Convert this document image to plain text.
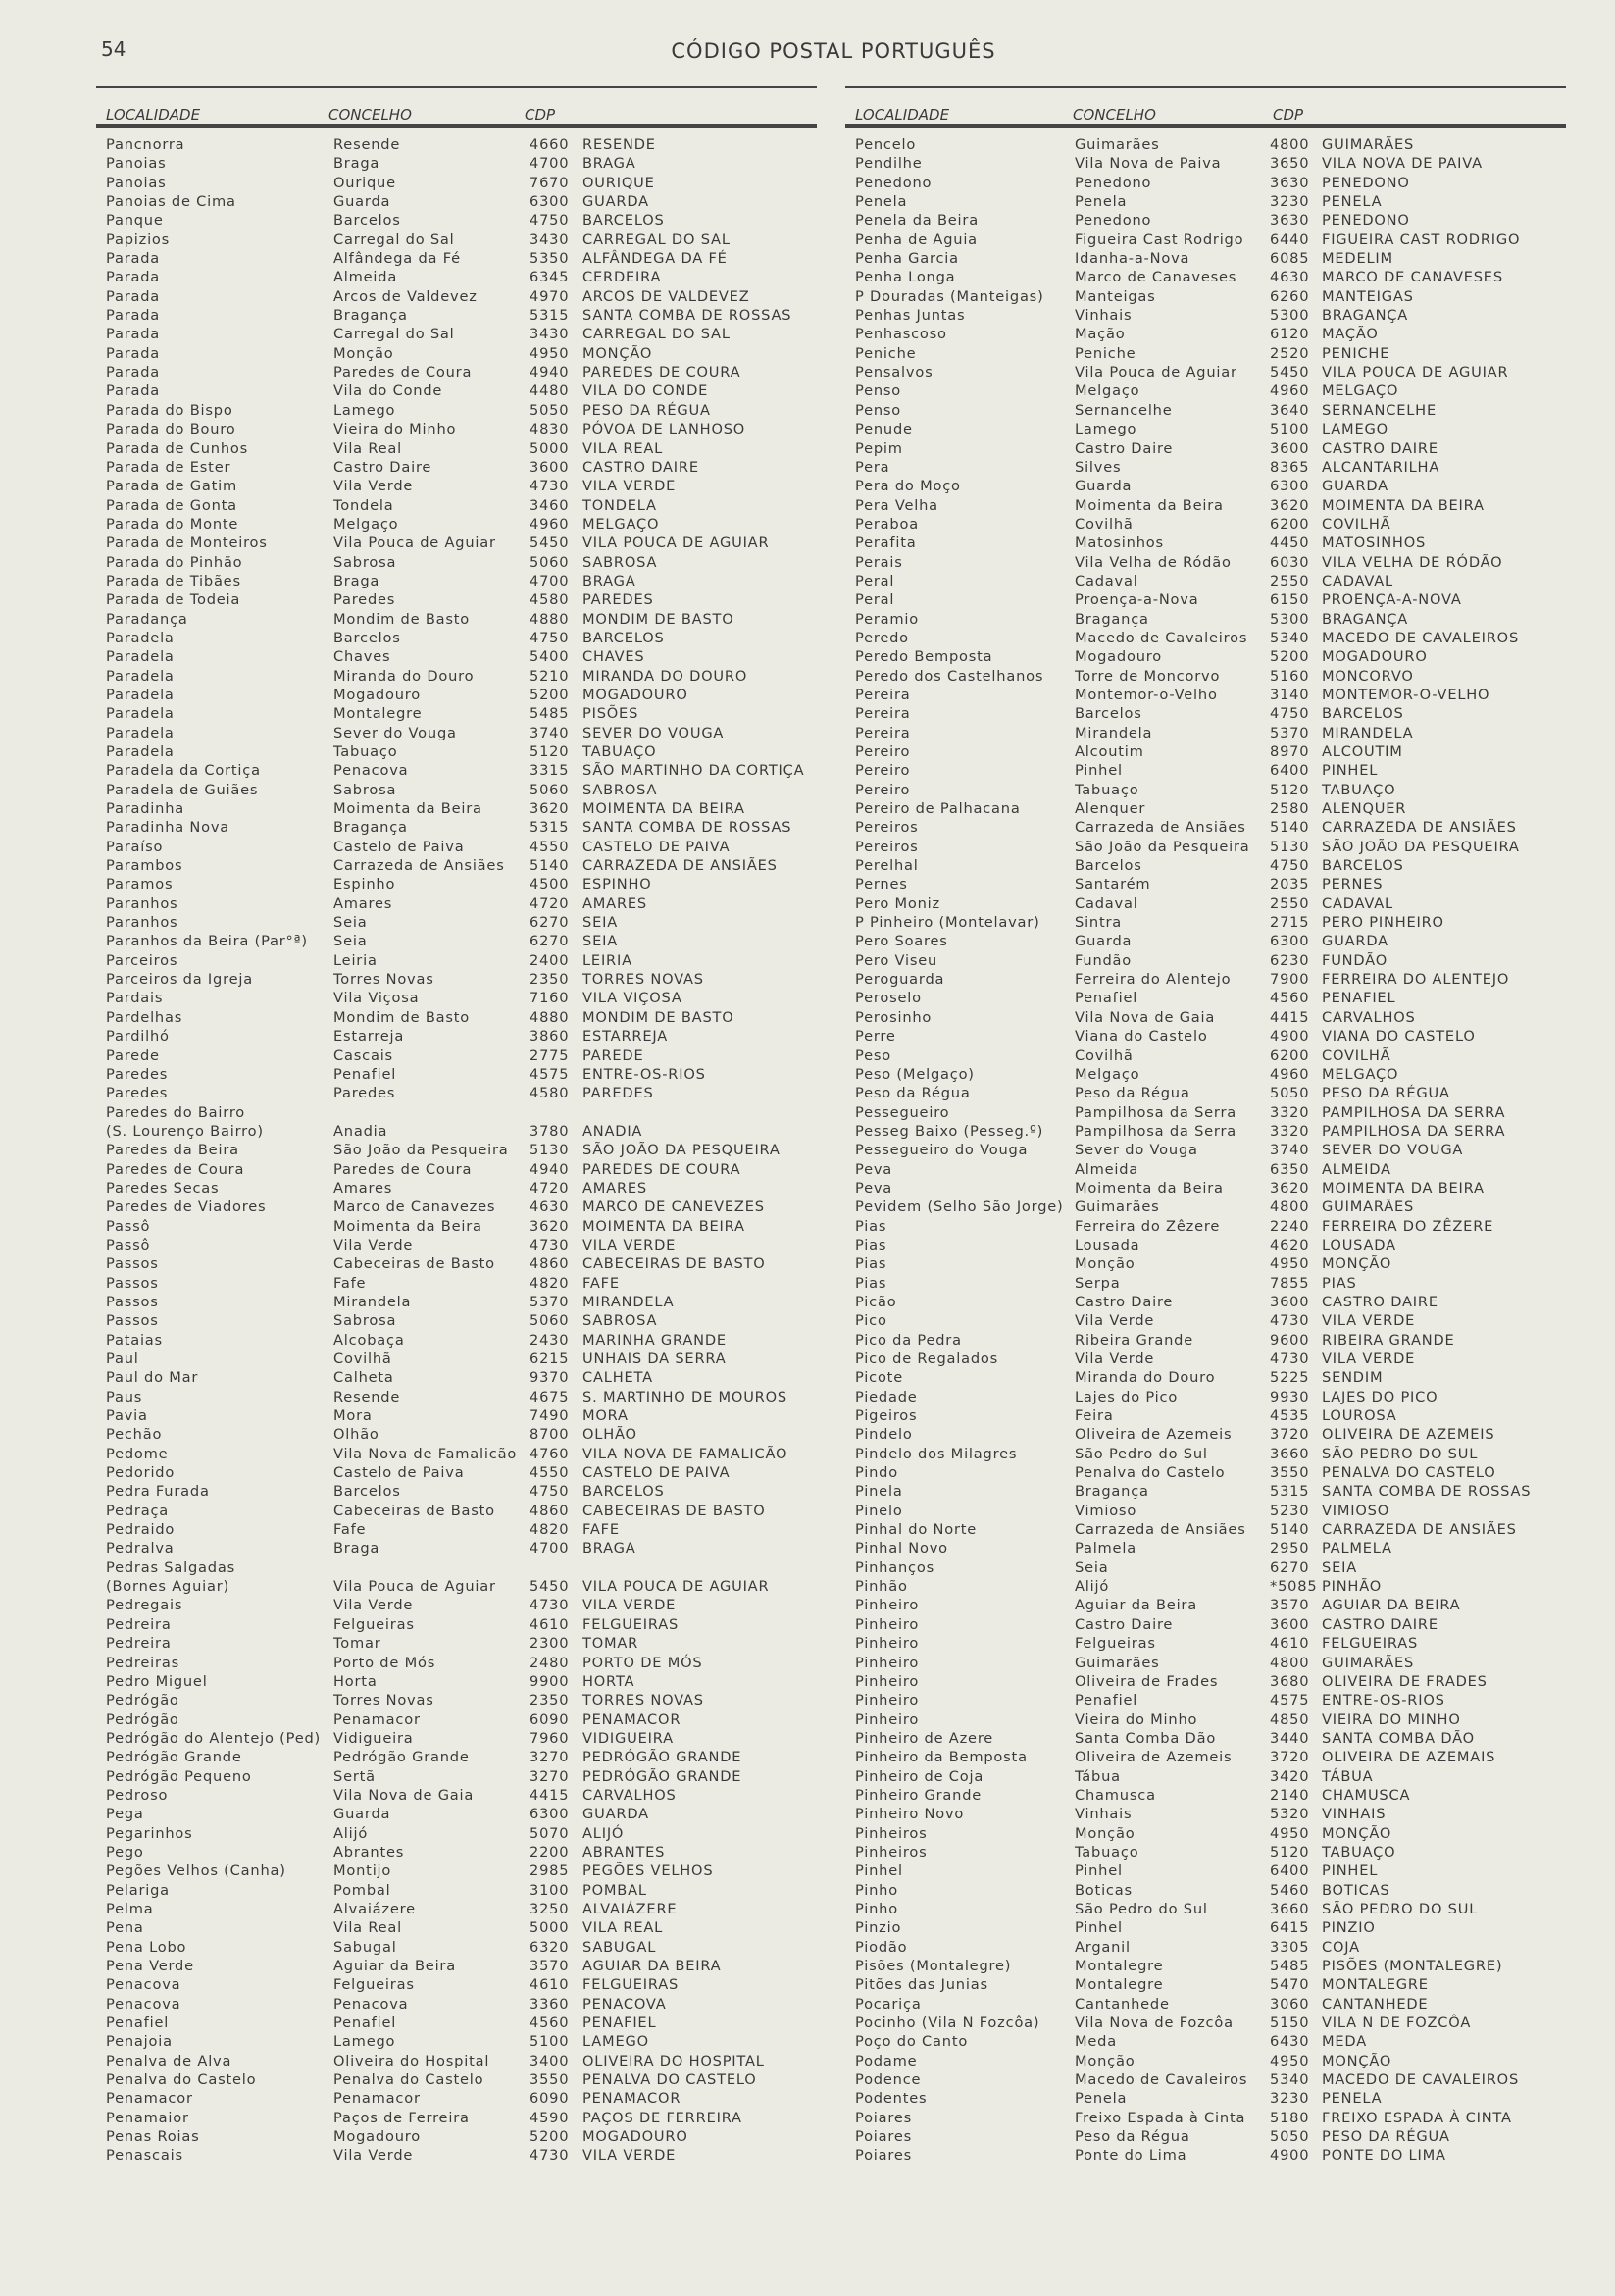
54	CÓDIGO POSTAL PORTUGUÊS
LOCALIDADE	CONCELHO	CDP
Pancnorra	Resende	4660 RESENDE
Panoias	Braga	4700 BRAGA
Panoias	Ourique	7670 OURIQUE
Panoias de Cima	Guarda	6300 GUARDA
Panque	Barcelos	4750 BARCELOS
Papizios	Carregal do Sal	3430 CARREGAL DO SAL
Parada	Alfândega da Fé	5350 ALFÂNDEGA DA FÉ
Parada	Almeida	6345 CERDEIRA
Parada	Arcos de Valdevez	4970 ARCOS DE VALDEVEZ
Parada	Bragança	5315 SANTA COMBA DE ROSSAS
Parada	Carregal do Sal	3430 CARREGAL DO SAL
Parada	Monção	4950 MONÇÃO
Parada	Paredes de Coura	4940 PAREDES DE COURA
Parada	Vila do Conde	4480 VILA DO CONDE
Parada do Bispo	Lamego	5050 PESO DA RÉGUA
Parada do Bouro	Vieira do Minho	4830 PÓVOA DE LANHOSO
Parada de Cunhos	Vila Real	5000 VILA REAL
Parada de Ester	Castro Daire	3600 CASTRO DAIRE
Parada de Gatim	Vila Verde	4730 VILA VERDE
Parada de Gonta	Tondela	3460 TONDELA
Parada do Monte	Melgaço	4960 MELGAÇO
Parada de Monteiros	Vila Pouca de Aguiar 5450 VILA POUCA DE AGUIAR
Parada do Pinhão	Sabrosa	5060 SABROSA
Parada de Tibães	Braga	4700 BRAGA
Parada de Todeia	Paredes	4580 PAREDES
Paradança	Mondim de Basto	4880 MONDIM DE BASTO
Paradela	Barcelos	4750 BARCELOS
Paradela	Chaves	5400 CHAVES
Paradela	Miranda do Douro	5210 MIRANDA DO DOURO
Paradela	Mogadouro	5200 MOGADOURO
Paradela	Montalegre	5485 PISÕES
Paradela	Sever do Vouga	3740 SEVER DO VOUGA
Paradela	Tabuaço	5120 TABUAÇO
Paradela da Cortiça	Penacova	3315 SÃO MARTINHO DA CORTIÇA
Paradela de Guiães	Sabrosa	5060 SABROSA
Paradinha	Moimenta da Beira	3620 MOIMENTA DA BEIRA
Paradinha Nova	Bragança	5315 SANTA COMBA DE ROSSAS
Paraíso	Castelo de Paiva	4550 CASTELO DE PAIVA
Parambos	Carrazeda de Ansiães 5140 CARRAZEDA DE ANSIÃES
Paramos	Espinho	4500 ESPINHO
Paranhos	Amares	4720 AMARES
Paranhos	Seia	6270 SEIA
Paranhos da Beira (Par°ª) Seia	6270 SEIA
Parceiros	Leiria	2400 LEIRIA
Parceiros da Igreja	Torres Novas	2350 TORRES NOVAS
Pardais	Vila Viçosa	7160 VILA VIÇOSA
Pardelhas	Mondim de Basto	4880 MONDIM DE BASTO
Pardilhó	Estarreja	3860 ESTARREJA
Parede	Cascais	2775 PAREDE
Paredes	Penafiel	4575 ENTRE-OS-RIOS
Paredes	Paredes	4580 PAREDES
Paredes do Bairro
(S. Lourenço Bairro)	Anadia	3780 ANADIA
Paredes da Beira	São João da Pesqueira 5130 SÃO JOÃO DA PESQUEIRA
Paredes de Coura	Paredes de Coura	4940 PAREDES DE COURA
Paredes Secas	Amares	4720 AMARES
Paredes de Viadores	Marco de Canavezes 4630 MARCO DE CANEVEZES
Passô	Moimenta da Beira	3620 MOIMENTA DA BEIRA
Passô	Vila Verde	4730 VILA VERDE
Passos	Cabeceiras de Basto 4860 CABECEIRAS DE BASTO
Passos	Fafe	4820 FAFE
Passos	Mirandela	5370 MIRANDELA
Passos	Sabrosa	5060 SABROSA
Pataias	Alcobaça	2430 MARINHA GRANDE
Paul	Covilhã	6215 UNHAIS DA SERRA
Paul do Mar	Calheta	9370 CALHETA
Paus	Resende	4675 S. MARTINHO DE MOUROS
Pavia	Mora	7490 MORA
Pechão	Olhão	8700 OLHÃO
Pedome	Vila Nova de Famalicão 4760 VILA NOVA DE FAMALICÃO
Pedorido	Castelo de Paiva	4550 CASTELO DE PAIVA
Pedra Furada	Barcelos	4750 BARCELOS
Pedraça	Cabeceiras de Basto 4860 CABECEIRAS DE BASTO
Pedraido	Fafe	4820 FAFE
Pedralva	Braga	4700 BRAGA
Pedras Salgadas
(Bornes Aguiar)	Vila Pouca de Aguiar 5450 VILA POUCA DE AGUIAR
Pedregais	Vila Verde	4730 VILA VERDE
Pedreira	Felgueiras	4610 FELGUEIRAS
Pedreira	Tomar	2300 TOMAR
Pedreiras	Porto de Mós	2480 PORTO DE MÓS
Pedro Miguel	Horta	9900 HORTA
Pedrógão	Torres Novas	2350 TORRES NOVAS
Pedrógão	Penamacor	6090 PENAMACOR
Pedrógão do Alentejo (Ped) Vidigueira	7960 VIDIGUEIRA
Pedrógão Grande	Pedrógão Grande	3270 PEDRÓGÃO GRANDE
Pedrógão Pequeno	Sertã	3270 PEDRÓGÃO GRANDE
Pedroso	Vila Nova de Gaia	4415 CARVALHOS
Pega	Guarda	6300 GUARDA
Pegarinhos	Alijó	5070 ALIJÓ
Pego	Abrantes	2200 ABRANTES
Pegões Velhos (Canha)	Montijo	2985 PEGÕES VELHOS
Pelariga	Pombal	3100 POMBAL
Pelma	Alvaiázere	3250 ALVAIÁZERE
Pena	Vila Real	5000 VILA REAL
Pena Lobo	Sabugal	6320 SABUGAL
Pena Verde	Aguiar da Beira	3570 AGUIAR DA BEIRA
Penacova	Felgueiras	4610 FELGUEIRAS
Penacova	Penacova	3360 PENACOVA
Penafiel	Penafiel	4560 PENAFIEL
Penajoia	Lamego	5100 LAMEGO
Penalva de Alva	Oliveira do Hospital	3400 OLIVEIRA DO HOSPITAL
Penalva do Castelo	Penalva do Castelo	3550 PENALVA DO CASTELO
Penamacor	Penamacor	6090 PENAMACOR
Penamaior	Paços de Ferreira	4590 PAÇOS DE FERREIRA
Penas Roias	Mogadouro	5200 MOGADOURO
Penascais	Vila Verde	4730 VILA VERDE
LOCALIDADE	CONCELHO	CDP
Pencelo	Guimarães	4800 GUIMARÃES
Pendilhe	Vila Nova de Paiva	3650 VILA NOVA DE PAIVA
Penedono	Penedono	3630 PENEDONO
Penela	Penela	3230 PENELA
Penela da Beira	Penedono	3630 PENEDONO
Penha de Aguia	Figueira Cast Rodrigo 6440 FIGUEIRA CAST RODRIGO
Penha Garcia	Idanha-a-Nova	6085 MEDELIM
Penha Longa	Marco de Canaveses 4630 MARCO DE CANAVESES
P Douradas (Manteigas) Manteigas	6260 MANTEIGAS
Penhas Juntas	Vinhais	5300 BRAGANÇA
Penhascoso	Mação	6120 MAÇÃO
Peniche	Peniche	2520 PENICHE
Pensalvos	Vila Pouca de Aguiar 5450 VILA POUCA DE AGUIAR
Penso	Melgaço	4960 MELGAÇO
Penso	Sernancelhe	3640 SERNANCELHE
Penude	Lamego	5100 LAMEGO
Pepim	Castro Daire	3600 CASTRO DAIRE
Pera	Silves	8365 ALCANTARILHA
Pera do Moço	Guarda	6300 GUARDA
Pera Velha	Moimenta da Beira	3620 MOIMENTA DA BEIRA
Peraboa	Covilhã	6200 COVILHÃ
Perafita	Matosinhos	4450 MATOSINHOS
Perais	Vila Velha de Ródão	6030 VILA VELHA DE RÓDÃO
Peral	Cadaval	2550 CADAVAL
Peral	Proença-a-Nova	6150 PROENÇA-A-NOVA
Peramio	Bragança	5300 BRAGANÇA
Peredo	Macedo de Cavaleiros 5340 MACEDO DE CAVALEIROS
Peredo Bemposta	Mogadouro	5200 MOGADOURO
Peredo dos Castelhanos Torre de Moncorvo	5160 MONCORVO
Pereira	Montemor-o-Velho	3140 MONTEMOR-O-VELHO
Pereira	Barcelos	4750 BARCELOS
Pereira	Mirandela	5370 MIRANDELA
Pereiro	Alcoutim	8970 ALCOUTIM
Pereiro	Pinhel	6400 PINHEL
Pereiro	Tabuaço	5120 TABUAÇO
Pereiro de Palhacana	Alenquer	2580 ALENQUER
Pereiros	Carrazeda de Ansiães 5140 CARRAZEDA DE ANSIÃES
Pereiros	São João da Pesqueira 5130 SÃO JOÃO DA PESQUEIRA
Perelhal	Barcelos	4750 BARCELOS
Pernes	Santarém	2035 PERNES
Pero Moniz	Cadaval	2550 CADAVAL
P Pinheiro (Montelavar) Sintra	2715 PERO PINHEIRO
Pero Soares	Guarda	6300 GUARDA
Pero Viseu	Fundão	6230 FUNDÃO
Peroguarda	Ferreira do Alentejo	7900 FERREIRA DO ALENTEJO
Peroselo	Penafiel	4560 PENAFIEL
Perosinho	Vila Nova de Gaia	4415 CARVALHOS
Perre	Viana do Castelo	4900 VIANA DO CASTELO
Peso	Covilhã	6200 COVILHÃ
Peso (Melgaço)	Melgaço	4960 MELGAÇO
Peso da Régua	Peso da Régua	5050 PESO DA RÉGUA
Pessegueiro	Pampilhosa da Serra 3320 PAMPILHOSA DA SERRA
Pesseg Baixo (Pesseg.º) Pampilhosa da Serra 3320 PAMPILHOSA DA SERRA
Pessegueiro do Vouga	Sever do Vouga	3740 SEVER DO VOUGA
Peva	Almeida	6350 ALMEIDA
Peva	Moimenta da Beira	3620 MOIMENTA DA BEIRA
Pevidem (Selho São Jorge) Guimarães	4800 GUIMARÃES
Pias	Ferreira do Zêzere	2240 FERREIRA DO ZÊZERE
Pias	Lousada	4620 LOUSADA
Pias	Monção	4950 MONÇÃO
Pias	Serpa	7855 PIAS
Picão	Castro Daire	3600 CASTRO DAIRE
Pico	Vila Verde	4730 VILA VERDE
Pico da Pedra	Ribeira Grande	9600 RIBEIRA GRANDE
Pico de Regalados	Vila Verde	4730 VILA VERDE
Picote	Miranda do Douro	5225 SENDIM
Piedade	Lajes do Pico	9930 LAJES DO PICO
Pigeiros	Feira	4535 LOUROSA
Pindelo	Oliveira de Azemeis	3720 OLIVEIRA DE AZEMEIS
Pindelo dos Milagres	São Pedro do Sul	3660 SÃO PEDRO DO SUL
Pindo	Penalva do Castelo	3550 PENALVA DO CASTELO
Pinela	Bragança	5315 SANTA COMBA DE ROSSAS
Pinelo	Vimioso	5230 VIMIOSO
Pinhal do Norte	Carrazeda de Ansiães 5140 CARRAZEDA DE ANSIÃES
Pinhal Novo	Palmela	2950 PALMELA
Pinhanços	Seia	6270 SEIA
Pinhão	Alijó	*5085 PINHÃO
Pinheiro	Aguiar da Beira	3570 AGUIAR DA BEIRA
Pinheiro	Castro Daire	3600 CASTRO DAIRE
Pinheiro	Felgueiras	4610 FELGUEIRAS
Pinheiro	Guimarães	4800 GUIMARÃES
Pinheiro	Oliveira de Frades	3680 OLIVEIRA DE FRADES
Pinheiro	Penafiel	4575 ENTRE-OS-RIOS
Pinheiro	Vieira do Minho	4850 VIEIRA DO MINHO
Pinheiro de Azere	Santa Comba Dão	3440 SANTA COMBA DÃO
Pinheiro da Bemposta	Oliveira de Azemeis	3720 OLIVEIRA DE AZEMAIS
Pinheiro de Coja	Tábua	3420 TÁBUA
Pinheiro Grande	Chamusca	2140 CHAMUSCA
Pinheiro Novo	Vinhais	5320 VINHAIS
Pinheiros	Monção	4950 MONÇÃO
Pinheiros	Tabuaço	5120 TABUAÇO
Pinhel	Pinhel	6400 PINHEL
Pinho	Boticas	5460 BOTICAS
Pinho	São Pedro do Sul	3660 SÃO PEDRO DO SUL
Pinzio	Pinhel	6415 PINZIO
Piodão	Arganil	3305 COJA
Pisões (Montalegre)	Montalegre	5485 PISÕES (MONTALEGRE)
Pitões das Junias	Montalegre	5470 MONTALEGRE
Pocariça	Cantanhede	3060 CANTANHEDE
Pocinho (Vila N Fozcôa) Vila Nova de Fozcôa	5150 VILA N DE FOZCÔA
Poço do Canto	Meda	6430 MEDA
Podame	Monção	4950 MONÇÃO
Podence	Macedo de Cavaleiros 5340 MACEDO DE CAVALEIROS
Podentes	Penela	3230 PENELA
Poiares	Freixo Espada à Cinta 5180 FREIXO ESPADA À CINTA
Poiares	Peso da Régua	5050 PESO DA RÉGUA
Poiares	Ponte do Lima	4900 PONTE DO LIMA
